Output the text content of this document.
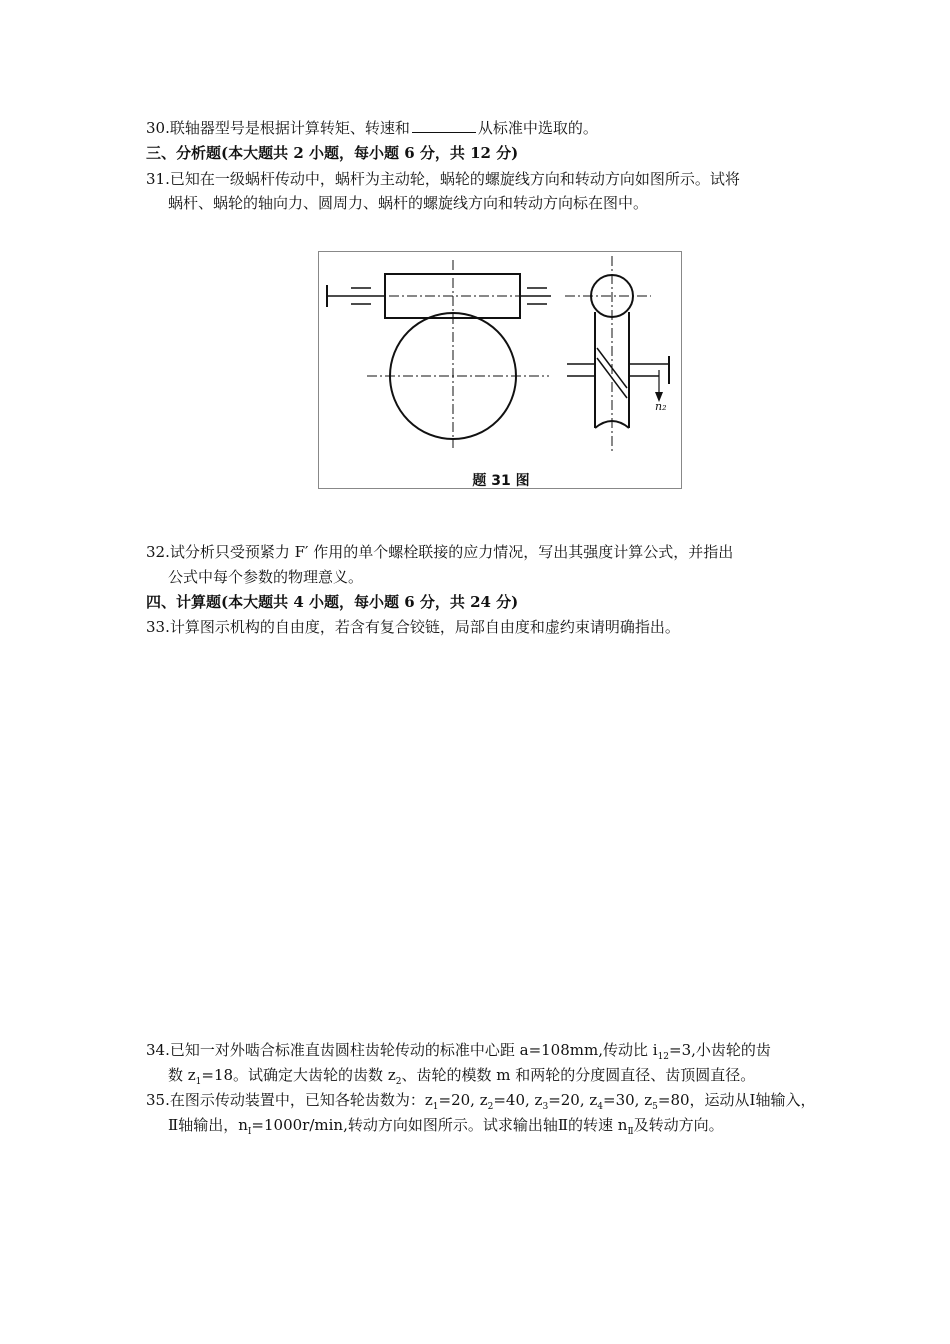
30.联轴器型号是根据计算转矩、转速和	从标准中选取的。
三、分析题(本大题共 2 小题，每小题 6 分，共 12 分)
31.已知在一级蜗杆传动中，蜗杆为主动轮，蜗轮的螺旋线方向和转动方向如图所示。试将
蜗杆、蜗轮的轴向力、圆周力、蜗杆的螺旋线方向和转动方向标在图中。
n₂
题 31 图
32.试分析只受预紧力 F′ 作用的单个螺栓联接的应力情况，写出其强度计算公式，并指出
公式中每个参数的物理意义。
四、计算题(本大题共 4 小题，每小题 6 分，共 24 分)
33.计算图示机构的自由度，若含有复合铰链，局部自由度和虚约束请明确指出。
34.已知一对外啮合标准直齿圆柱齿轮传动的标准中心距 a=108mm,传动比 $i_{12}=3$,小齿轮的齿
数 $z_1=18$。试确定大齿轮的齿数 $z_2$、齿轮的模数 m 和两轮的分度圆直径、齿顶圆直径。
35.在图示传动装置中，已知各轮齿数为：$z_1=20$, $z_2=40$, $z_3=20$, $z_4=30$, $z_5=80$，运动从Ⅰ轴输入，
Ⅱ轴输出，$n_Ⅰ=1000r/\min$,转动方向如图所示。试求输出轴Ⅱ的转速 $n_Ⅱ$及转动方向。
